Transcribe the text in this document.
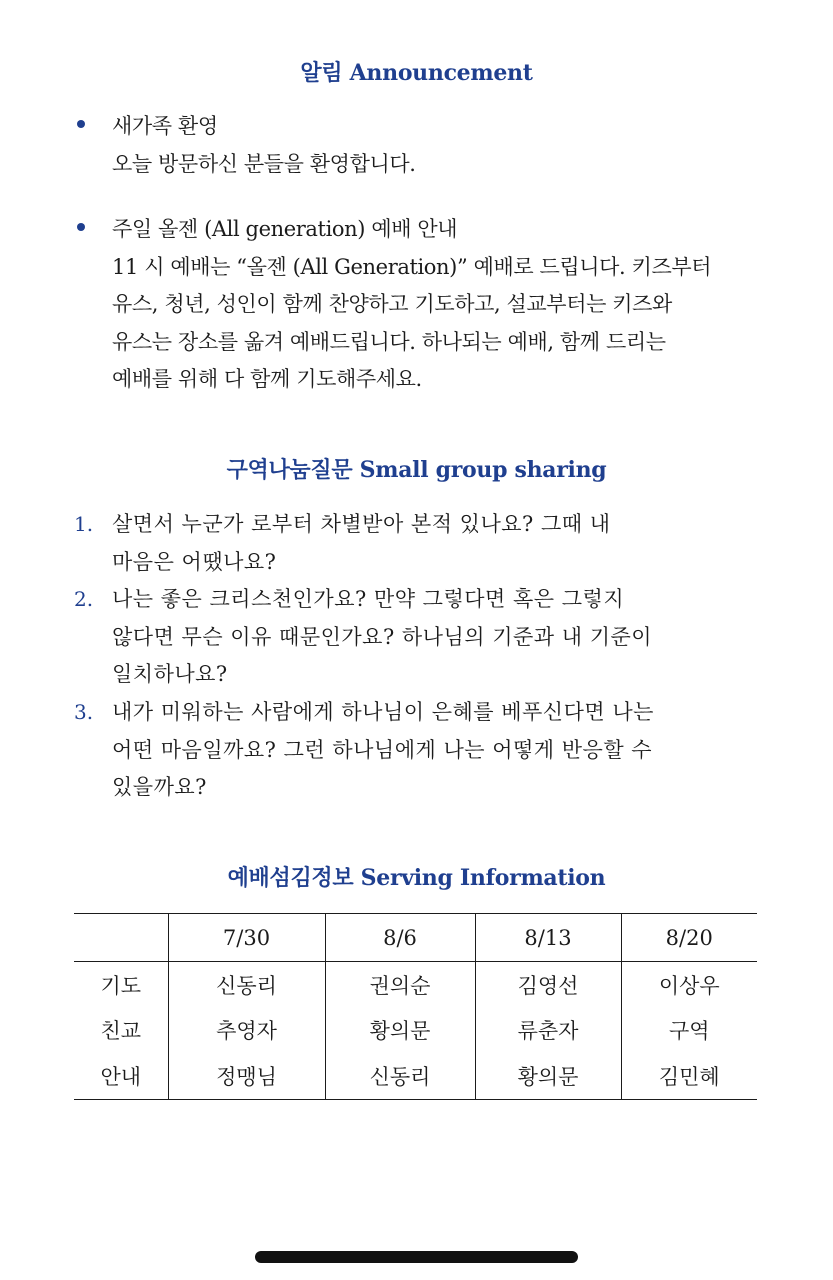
알림 Announcement
새가족 환영
오늘 방문하신 분들을 환영합니다.
주일 올젠 (All generation) 예배 안내
11 시 예배는 “올젠 (All Generation)” 예배로 드립니다. 키즈부터
유스, 청년, 성인이 함께 찬양하고 기도하고, 설교부터는 키즈와
유스는 장소를 옮겨 예배드립니다. 하나되는 예배, 함께 드리는
예배를 위해 다 함께 기도해주세요.
구역나눔질문 Small group sharing
1. 살면서 누군가 로부터 차별받아 본적 있나요? 그때 내
마음은 어땠나요?
2. 나는 좋은 크리스천인가요? 만약 그렇다면 혹은 그렇지
않다면 무슨 이유 때문인가요? 하나님의 기준과 내 기준이
일치하나요?
3. 내가 미워하는 사람에게 하나님이 은혜를 베푸신다면 나는
어떤 마음일까요? 그런 하나님에게 나는 어떻게 반응할 수
있을까요?
예배섬김정보 Serving Information
	7/30	8/6	8/13	8/20
기도	신동리	권의순	김영선	이상우
친교	추영자	황의문	류춘자	구역
안내	정맹님	신동리	황의문	김민혜
